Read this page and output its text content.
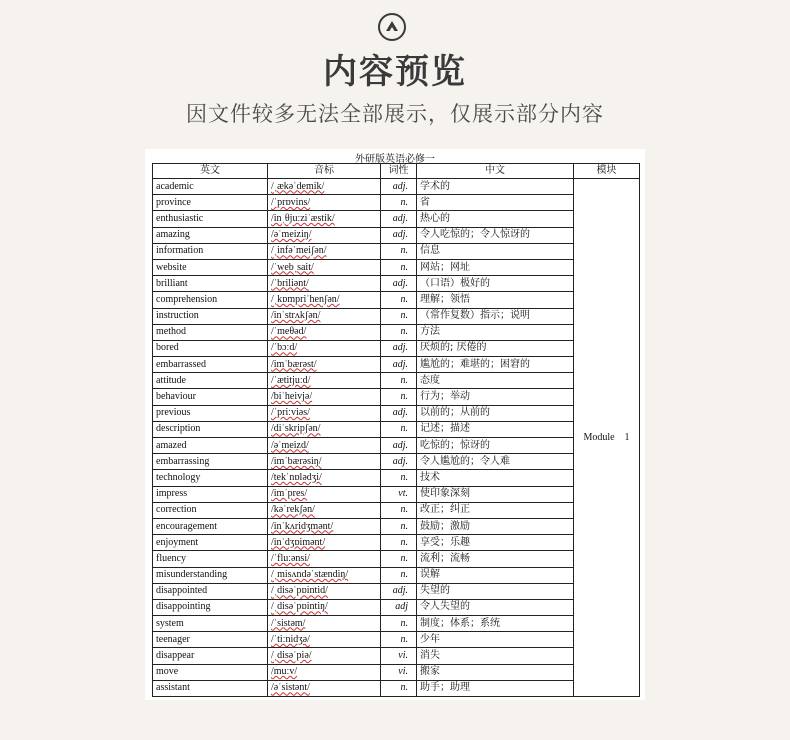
内容预览
因文件较多无法全部展示，仅展示部分内容
外研版英语必修一
英文	音标	词性	中文	模块
academic	/ˌækəˈdemik/	adj.	学术的	Module    1
province	/ˈprɒvins/	n.	省	
enthusiastic	/inˌθjuːziˈæstik/	adj.	热心的	
amazing	/əˈmeiziŋ/	adj.	令人吃惊的；令人惊讶的	
information	/ˌinfəˈmeiʃən/	n.	信息	
website	/ˈwebˌsait/	n.	网站；网址	
brilliant	/ˈbriliənt/	adj.	（口语）极好的	
comprehension	/ˌkɒmpriˈhenʃən/	n.	理解；领悟	
instruction	/inˈstrʌkʃən/	n.	（常作复数）指示；说明	
method	/ˈmeθəd/	n.	方法	
bored	/ˈbɔːd/	adj.	厌烦的; 厌倦的	
embarrassed	/imˈbærəst/	adj.	尴尬的；难堪的；困窘的	
attitude	/ˈætitjuːd/	n.	态度	
behaviour	/biˈheivjə/	n.	行为；举动	
previous	/ˈpriːviəs/	adj.	以前的；从前的	
description	/diˈskripʃən/	n.	记述；描述	
amazed	/əˈmeizd/	adj.	吃惊的；惊讶的	
embarrassing	/imˈbærəsiŋ/	adj.	令人尴尬的；令人难	
technology	/tekˈnɒlədʒi/	n.	技术	
impress	/imˈpres/	vt.	使印象深刻	
correction	/kəˈrekʃən/	n.	改正；纠正	
encouragement	/inˈkʌridʒmənt/	n.	鼓励；激励	
enjoyment	/inˈdʒɒimənt/	n.	享受；乐趣	
fluency	/ˈfluːənsi/	n.	流利；流畅	
misunderstanding	/ˌmisʌndəˈstændiŋ/	n.	误解	
disappointed	/ˌdisəˈpɒintid/	adj.	失望的	
disappointing	/ˌdisəˈpɒintiŋ/	adj	令人失望的	
system	/ˈsistəm/	n.	制度；体系；系统	
teenager	/ˈtiːnidʒə/	n.	少年	
disappear	/ˌdisəˈpiə/	vi.	消失	
move	/muːv/	vi.	搬家	
assistant	/əˈsistənt/	n.	助手；助理	
